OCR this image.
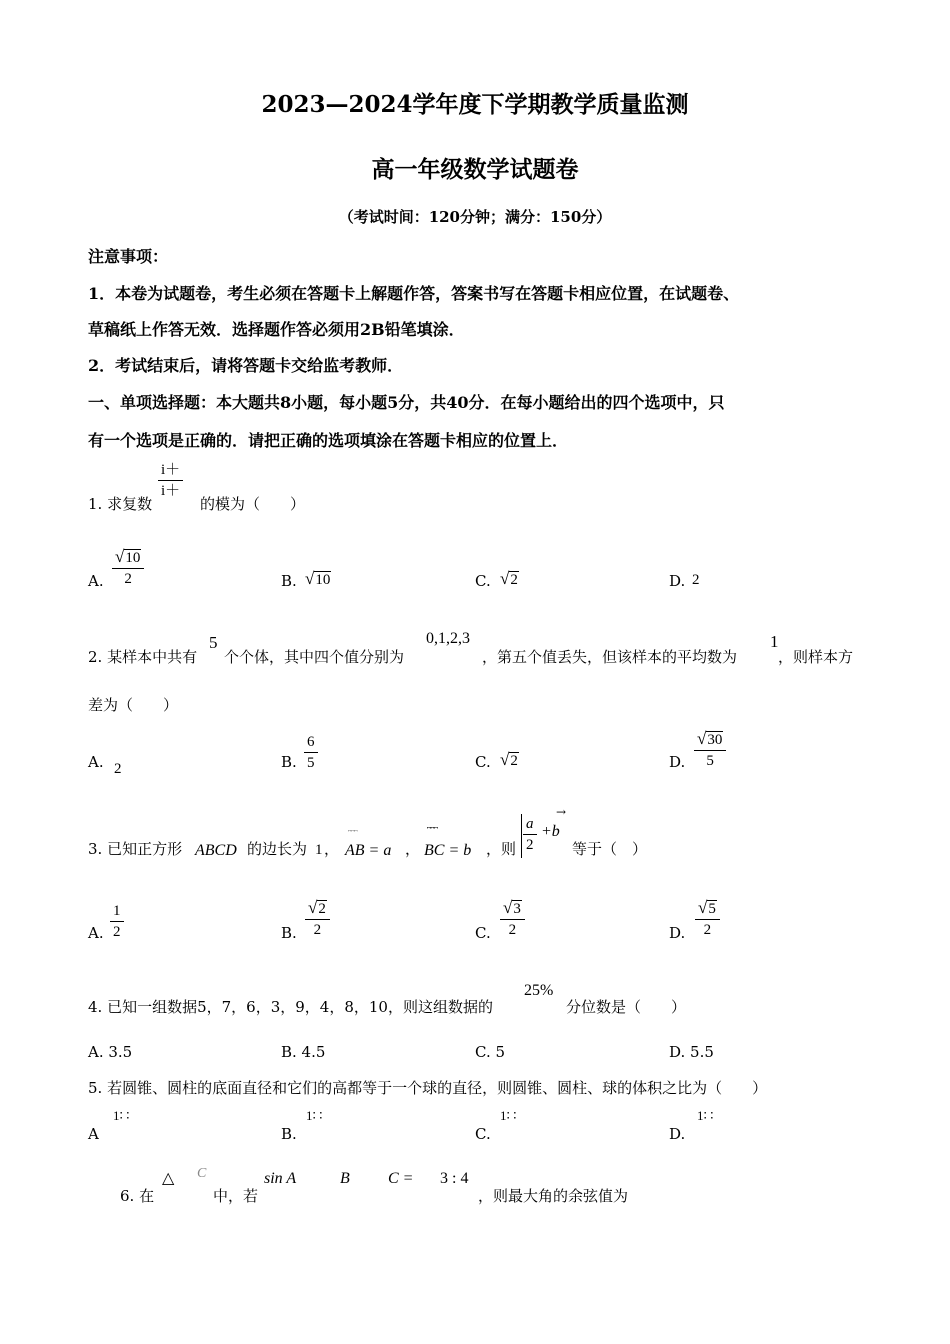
2023—2024学年度下学期教学质量监测
高一年级数学试题卷
（考试时间：120分钟；满分：150分）
注意事项：
1．本卷为试题卷，考生必须在答题卡上解题作答，答案书写在答题卡相应位置，在试题卷、
草稿纸上作答无效．选择题作答必须用2B铅笔填涂．
2．考试结束后，请将答题卡交给监考教师．
一、单项选择题：本大题共8小题，每小题5分，共40分．在每小题给出的四个选项中，只
有一个选项是正确的．请把正确的选项填涂在答题卡相应的位置上．
1. 求复数
$\frac{i+}{i+}$
的模为（　　）
A. $\frac{√10}{2}$	B. √10	C. √2	D. 2
2. 某样本中共有
5
个个体，其中四个值分别为
0,1,2,3
，第五个值丢失，但该样本的平均数为
1
，则样本方
差为（　　）
A. 2	B. $\frac{6}{5}$	C. √2	D. $\frac{√30}{5}$
3. 已知正方形 ABCD 的边长为 1 ，
⎴⎴⎴
AB = a ，
⎴⎴⎴
BC = b ，则 $\frac{a}{2}$
→
+b
等于（　）
A. $\frac{1}{2}$	B. $\frac{√2}{2}$	C. $\frac{√3}{2}$	D. $\frac{√5}{2}$
4. 已知一组数据5，7，6，3，9，4，8，10，则这组数据的
25%
分位数是（　　）
A. 3.5	B. 4.5	C. 5	D. 5.5
5. 若圆锥、圆柱的底面直径和它们的高都等于一个球的直径，则圆锥、圆柱、球的体积之比为（　　）
A
1∶ ∶
B.
1∶ ∶
C.
1∶ ∶
D.
1∶ ∶
6. 在
△ C
中，若
sin A	B C = 3 : 4
，则最大角的余弦值为
